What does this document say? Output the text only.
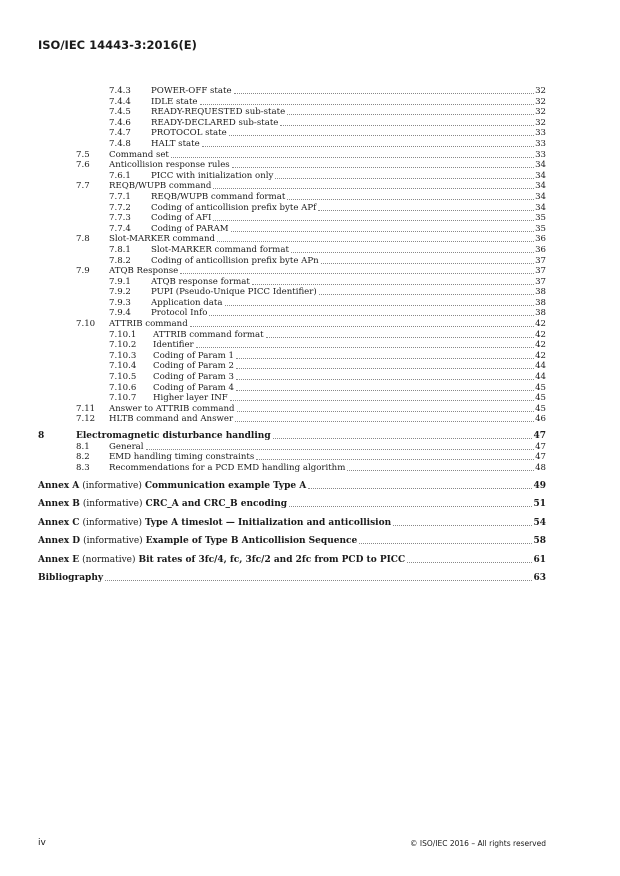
ISO/IEC 14443-3:2016(E)
7.4.3 POWER-OFF state	32
7.4.4 IDLE state	32
7.4.5 READY-REQUESTED sub-state	32
7.4.6 READY-DECLARED sub-state	32
7.4.7 PROTOCOL state	33
7.4.8 HALT state	33
7.5 Command set	33
7.6 Anticollision response rules	34
7.6.1 PICC with initialization only	34
7.7 REQB/WUPB command	34
7.7.1 REQB/WUPB command format	34
7.7.2 Coding of anticollision prefix byte APf	34
7.7.3 Coding of AFI	35
7.7.4 Coding of PARAM	35
7.8 Slot-MARKER command	36
7.8.1 Slot-MARKER command format	36
7.8.2 Coding of anticollision prefix byte APn	37
7.9 ATQB Response	37
7.9.1 ATQB response format	37
7.9.2 PUPI (Pseudo-Unique PICC Identifier)	38
7.9.3 Application data	38
7.9.4 Protocol Info	38
7.10 ATTRIB command	42
7.10.1 ATTRIB command format	42
7.10.2 Identifier	42
7.10.3 Coding of Param 1	42
7.10.4 Coding of Param 2	44
7.10.5 Coding of Param 3	44
7.10.6 Coding of Param 4	45
7.10.7 Higher layer INF	45
7.11 Answer to ATTRIB command	45
7.12 HLTB command and Answer	46
8	Electromagnetic disturbance handling	47
8.1 General	47
8.2 EMD handling timing constraints	47
8.3 Recommendations for a PCD EMD handling algorithm	48
Annex A (informative) Communication example Type A	49
Annex B (informative) CRC_A and CRC_B encoding	51
Annex C (informative) Type A timeslot — Initialization and anticollision	54
Annex D (informative) Example of Type B Anticollision Sequence	58
Annex E (normative) Bit rates of 3fc/4, fc, 3fc/2 and 2fc from PCD to PICC	61
Bibliography	63
iv	© ISO/IEC 2016 – All rights reserved
